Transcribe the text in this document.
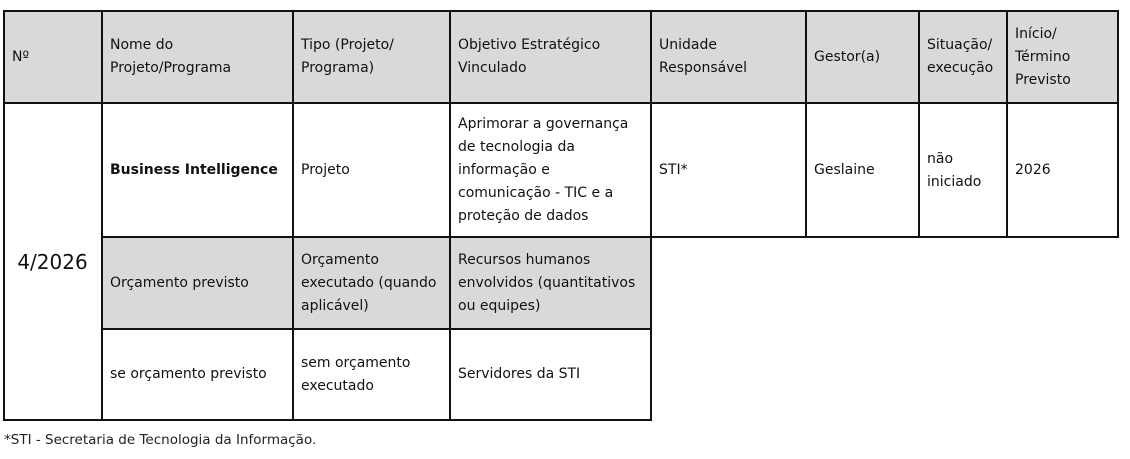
Nº
Nome do
Projeto/Programa
Tipo (Projeto/
Programa)
Objetivo Estratégico
Vinculado
Unidade
Responsável
Gestor(a)
Situação/
execução
Início/
Término
Previsto
4/2026
Business Intelligence	Projeto
Aprimorar a governança
de tecnologia da
informação e
comunicação - TIC e a
proteção de dados
STI*	Geslaine
não
iniciado
2026
Orçamento previsto
Orçamento
executado (quando
aplicável)
Recursos humanos
envolvidos (quantitativos
ou equipes)
se orçamento previsto
sem orçamento
executado
Servidores da STI
*STI - Secretaria de Tecnologia da Informação.
